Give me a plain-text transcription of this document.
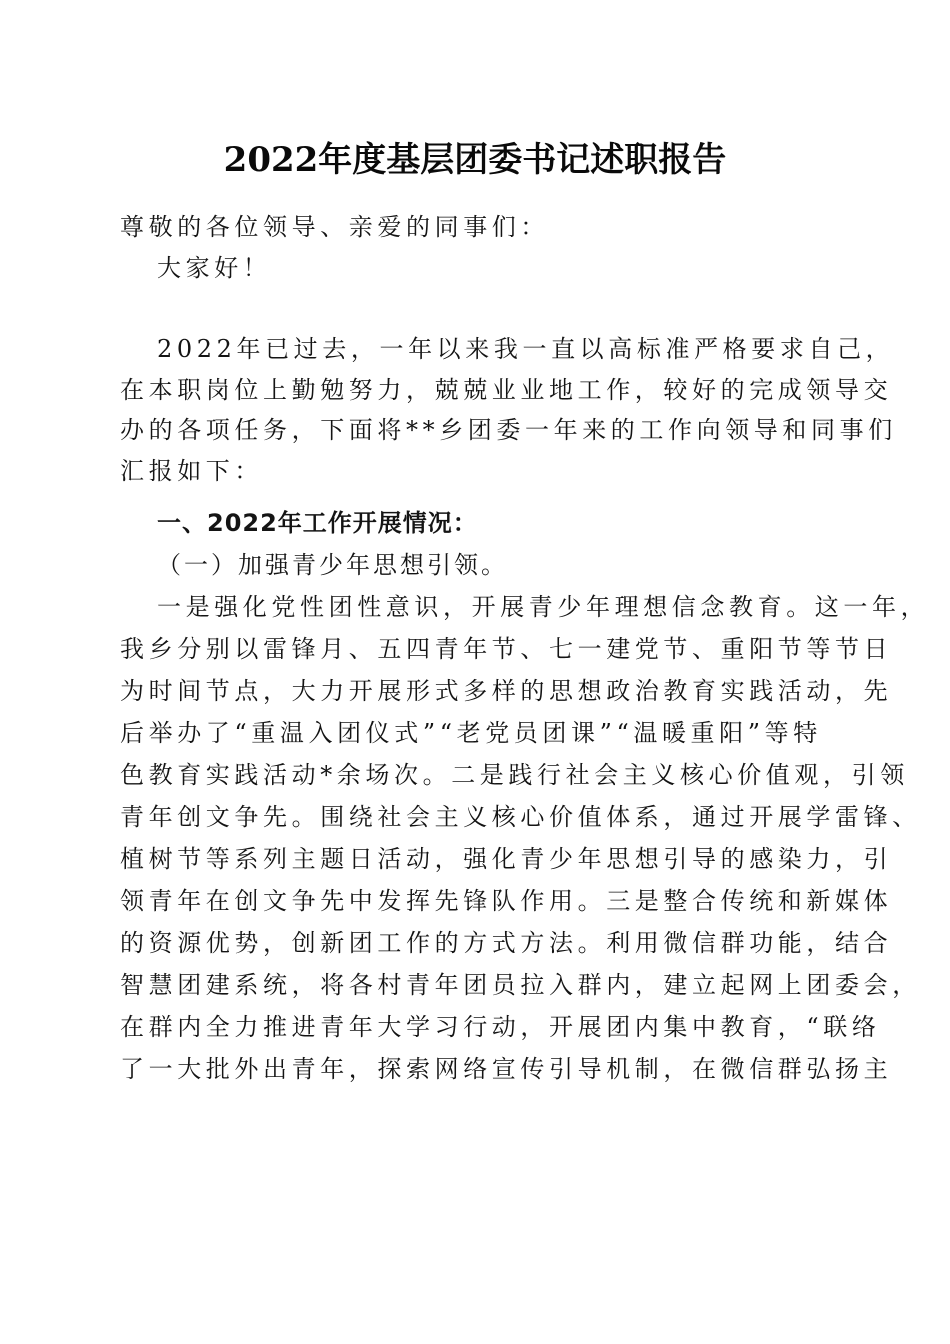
2022年度基层团委书记述职报告
尊敬的各位领导、亲爱的同事们：
大家好！
2022年已过去，一年以来我一直以高标准严格要求自己，
在本职岗位上勤勉努力，兢兢业业地工作，较好的完成领导交
办的各项任务，下面将**乡团委一年来的工作向领导和同事们
汇报如下：
一、2022年工作开展情况：
（一）加强青少年思想引领。
一是强化党性团性意识，开展青少年理想信念教育。这一年，
我乡分别以雷锋月、五四青年节、七一建党节、重阳节等节日
为时间节点，大力开展形式多样的思想政治教育实践活动，先
后举办了“重温入团仪式”“老党员团课”“温暖重阳”等特
色教育实践活动*余场次。二是践行社会主义核心价值观，引领
青年创文争先。围绕社会主义核心价值体系，通过开展学雷锋、
植树节等系列主题日活动，强化青少年思想引导的感染力，引
领青年在创文争先中发挥先锋队作用。三是整合传统和新媒体
的资源优势，创新团工作的方式方法。利用微信群功能，结合
智慧团建系统，将各村青年团员拉入群内，建立起网上团委会，
在群内全力推进青年大学习行动，开展团内集中教育，“联络
了一大批外出青年，探索网络宣传引导机制，在微信群弘扬主
